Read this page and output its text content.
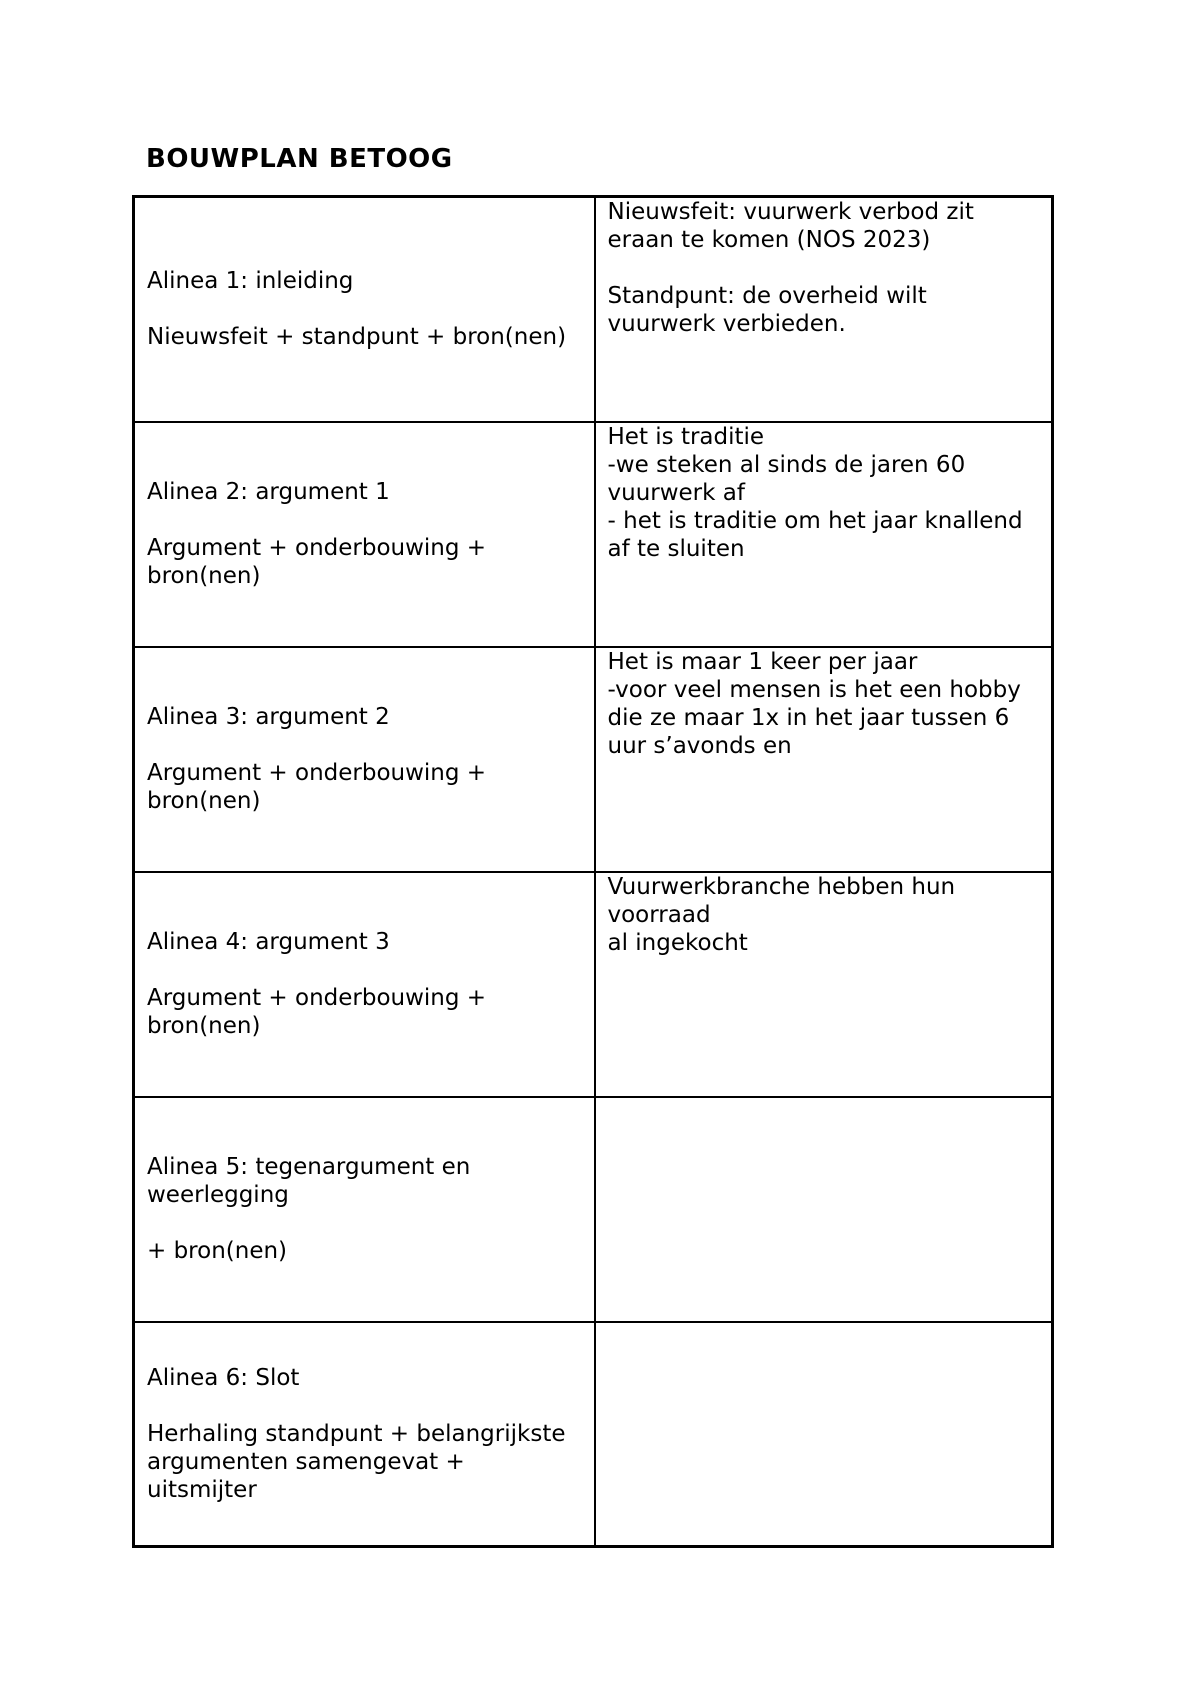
BOUWPLAN BETOOG
Alinea 1: inleiding
Nieuwsfeit + standpunt + bron(nen)	Nieuwsfeit: vuurwerk verbod zit eraan te komen (NOS 2023)
Standpunt: de overheid wilt vuurwerk verbieden.

Alinea 2: argument 1
Argument + onderbouwing + bron(nen)	Het is traditie
-we steken al sinds de jaren 60 vuurwerk af
- het is traditie om het jaar knallend af te sluiten

Alinea 3: argument 2
Argument + onderbouwing + bron(nen)	Het is maar 1 keer per jaar
-voor veel mensen is het een hobby die ze maar 1x in het jaar tussen 6 uur s’avonds en

Alinea 4: argument 3
Argument + onderbouwing + bron(nen)	Vuurwerkbranche hebben hun voorraad
al ingekocht

Alinea 5: tegenargument en weerlegging
+ bron(nen)	

Alinea 6: Slot
Herhaling standpunt + belangrijkste argumenten samengevat + uitsmijter	
